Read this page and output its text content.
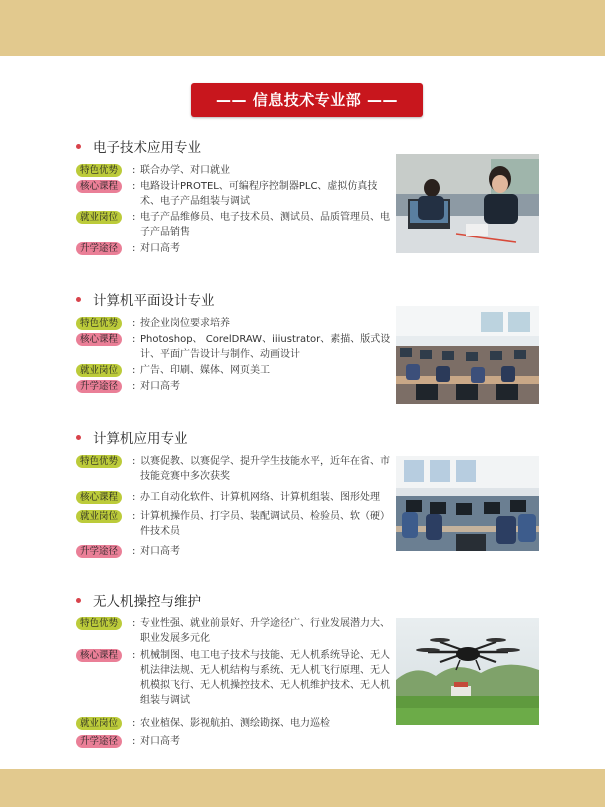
—— 信息技术专业部 ——
电子技术应用专业
特色优势	: 联合办学、对口就业
核心课程	: 电路设计PROTEL、可编程序控制器PLC、虚拟仿真技术、电子产品组装与调试
就业岗位	: 电子产品维修员、电子技术员、测试员、品质管理员、电子产品销售
升学途径	: 对口高考
计算机平面设计专业
特色优势	: 按企业岗位要求培养
核心课程	: Photoshop、 CorelDRAW、iiiustrator、素描、版式设计、平面广告设计与制作、动画设计
就业岗位	: 广告、印刷、媒体、网页美工
升学途径	: 对口高考
计算机应用专业
特色优势	: 以赛促教、以赛促学、提升学生技能水平，近年在省、市技能竞赛中多次获奖
核心课程	: 办工自动化软件、计算机网络、计算机组装、图形处理
就业岗位	: 计算机操作员、打字员、装配调试员、检验员、软（硬）件技术员
升学途径	: 对口高考
无人机操控与维护
特色优势	: 专业性强、就业前景好、升学途径广、行业发展潜力大、职业发展多元化
核心课程	: 机械制图、电工电子技术与技能、无人机系统导论、无人机法律法规、无人机结构与系统、无人机飞行原理、无人机模拟飞行、无人机操控技术、无人机维护技术、无人机组装与调试
就业岗位	: 农业植保、影视航拍、测绘勘探、电力巡检
升学途径	: 对口高考
